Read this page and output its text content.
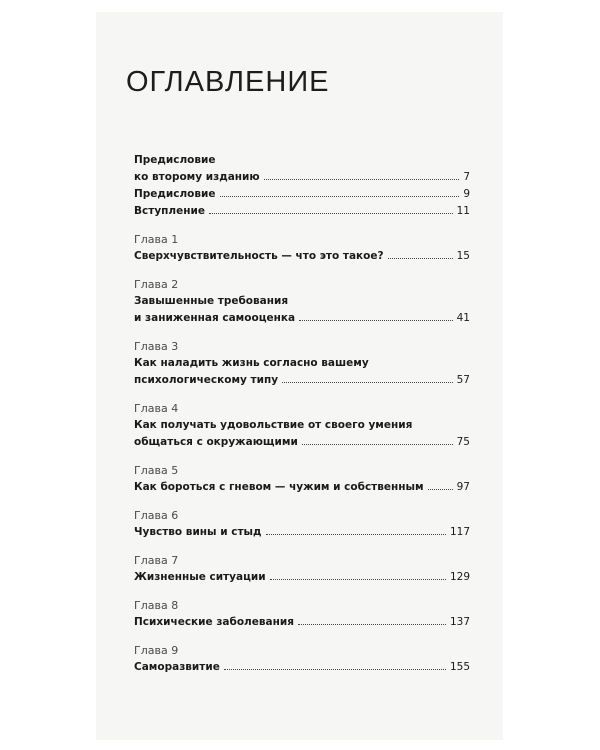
ОГЛАВЛЕНИЕ
Предисловие
ко второму изданию	7
Предисловие	9
Вступление	11
Глава 1
Сверхчувствительность — что это такое?	15
Глава 2
Завышенные требования
и заниженная самооценка	41
Глава 3
Как наладить жизнь согласно вашему
психологическому типу	57
Глава 4
Как получать удовольствие от своего умения
общаться с окружающими	75
Глава 5
Как бороться с гневом — чужим и собственным	97
Глава 6
Чувство вины и стыд	117
Глава 7
Жизненные ситуации	129
Глава 8
Психические заболевания	137
Глава 9
Саморазвитие	155
